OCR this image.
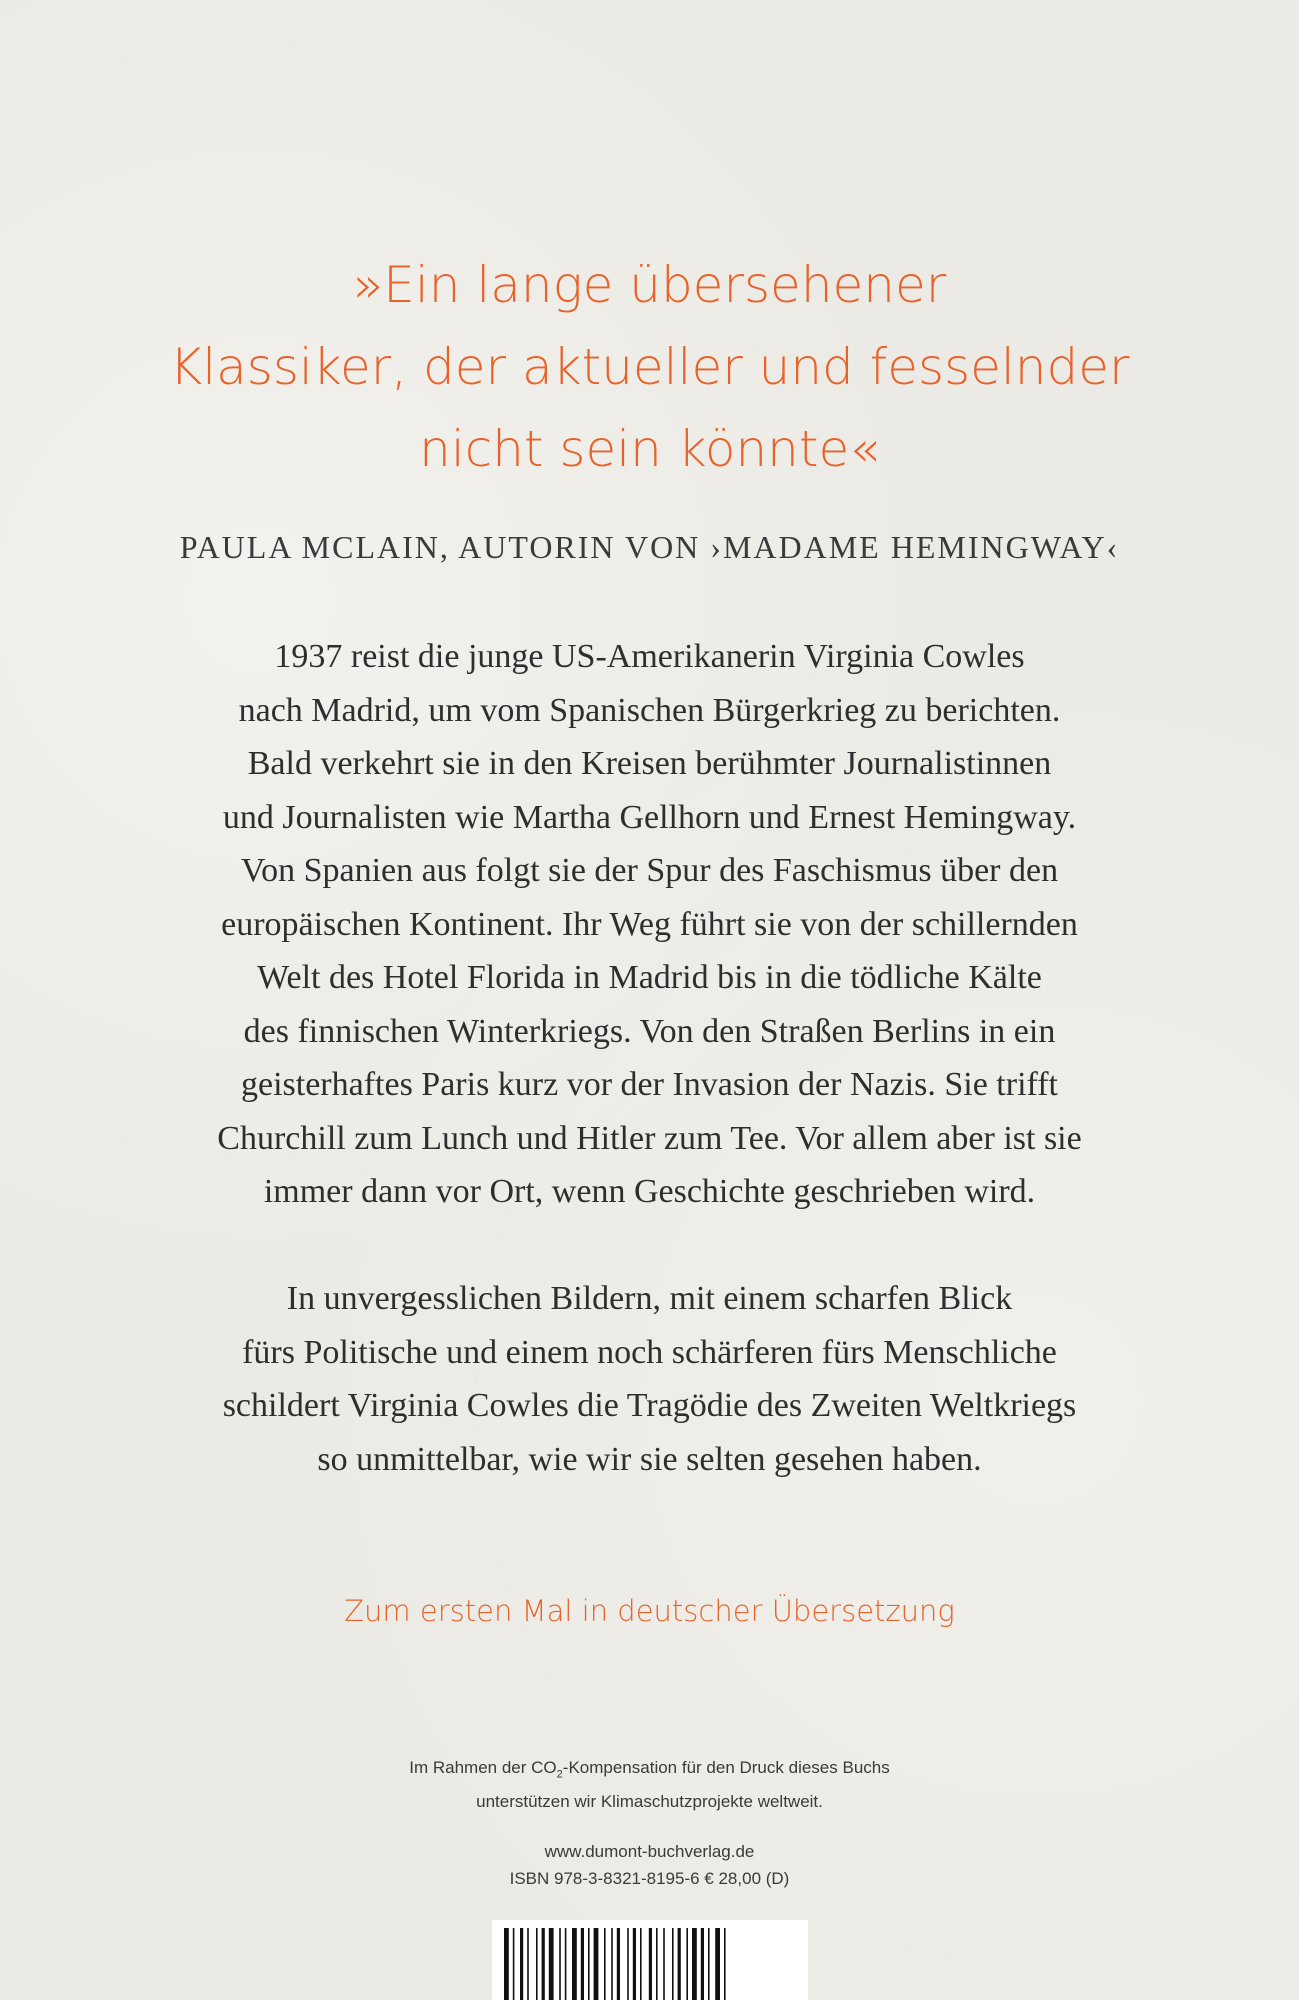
»Ein lange übersehener
Klassiker, der aktueller und fesselnder
nicht sein könnte«
PAULA MCLAIN, AUTORIN VON ›MADAME HEMINGWAY‹
1937 reist die junge US-Amerikanerin Virginia Cowles
nach Madrid, um vom Spanischen Bürgerkrieg zu berichten.
Bald verkehrt sie in den Kreisen berühmter Journalistinnen
und Journalisten wie Martha Gellhorn und Ernest Hemingway.
Von Spanien aus folgt sie der Spur des Faschismus über den
europäischen Kontinent. Ihr Weg führt sie von der schillernden
Welt des Hotel Florida in Madrid bis in die tödliche Kälte
des finnischen Winterkriegs. Von den Straßen Berlins in ein
geisterhaftes Paris kurz vor der Invasion der Nazis. Sie trifft
Churchill zum Lunch und Hitler zum Tee. Vor allem aber ist sie
immer dann vor Ort, wenn Geschichte geschrieben wird.
In unvergesslichen Bildern, mit einem scharfen Blick
fürs Politische und einem noch schärferen fürs Menschliche
schildert Virginia Cowles die Tragödie des Zweiten Weltkriegs
so unmittelbar, wie wir sie selten gesehen haben.
Zum ersten Mal in deutscher Übersetzung
Im Rahmen der $CO_2$-Kompensation für den Druck dieses Buchs
unterstützen wir Klimaschutzprojekte weltweit.
www.dumont-buchverlag.de
ISBN 978-3-8321-8195-6 € 28,00 (D)
